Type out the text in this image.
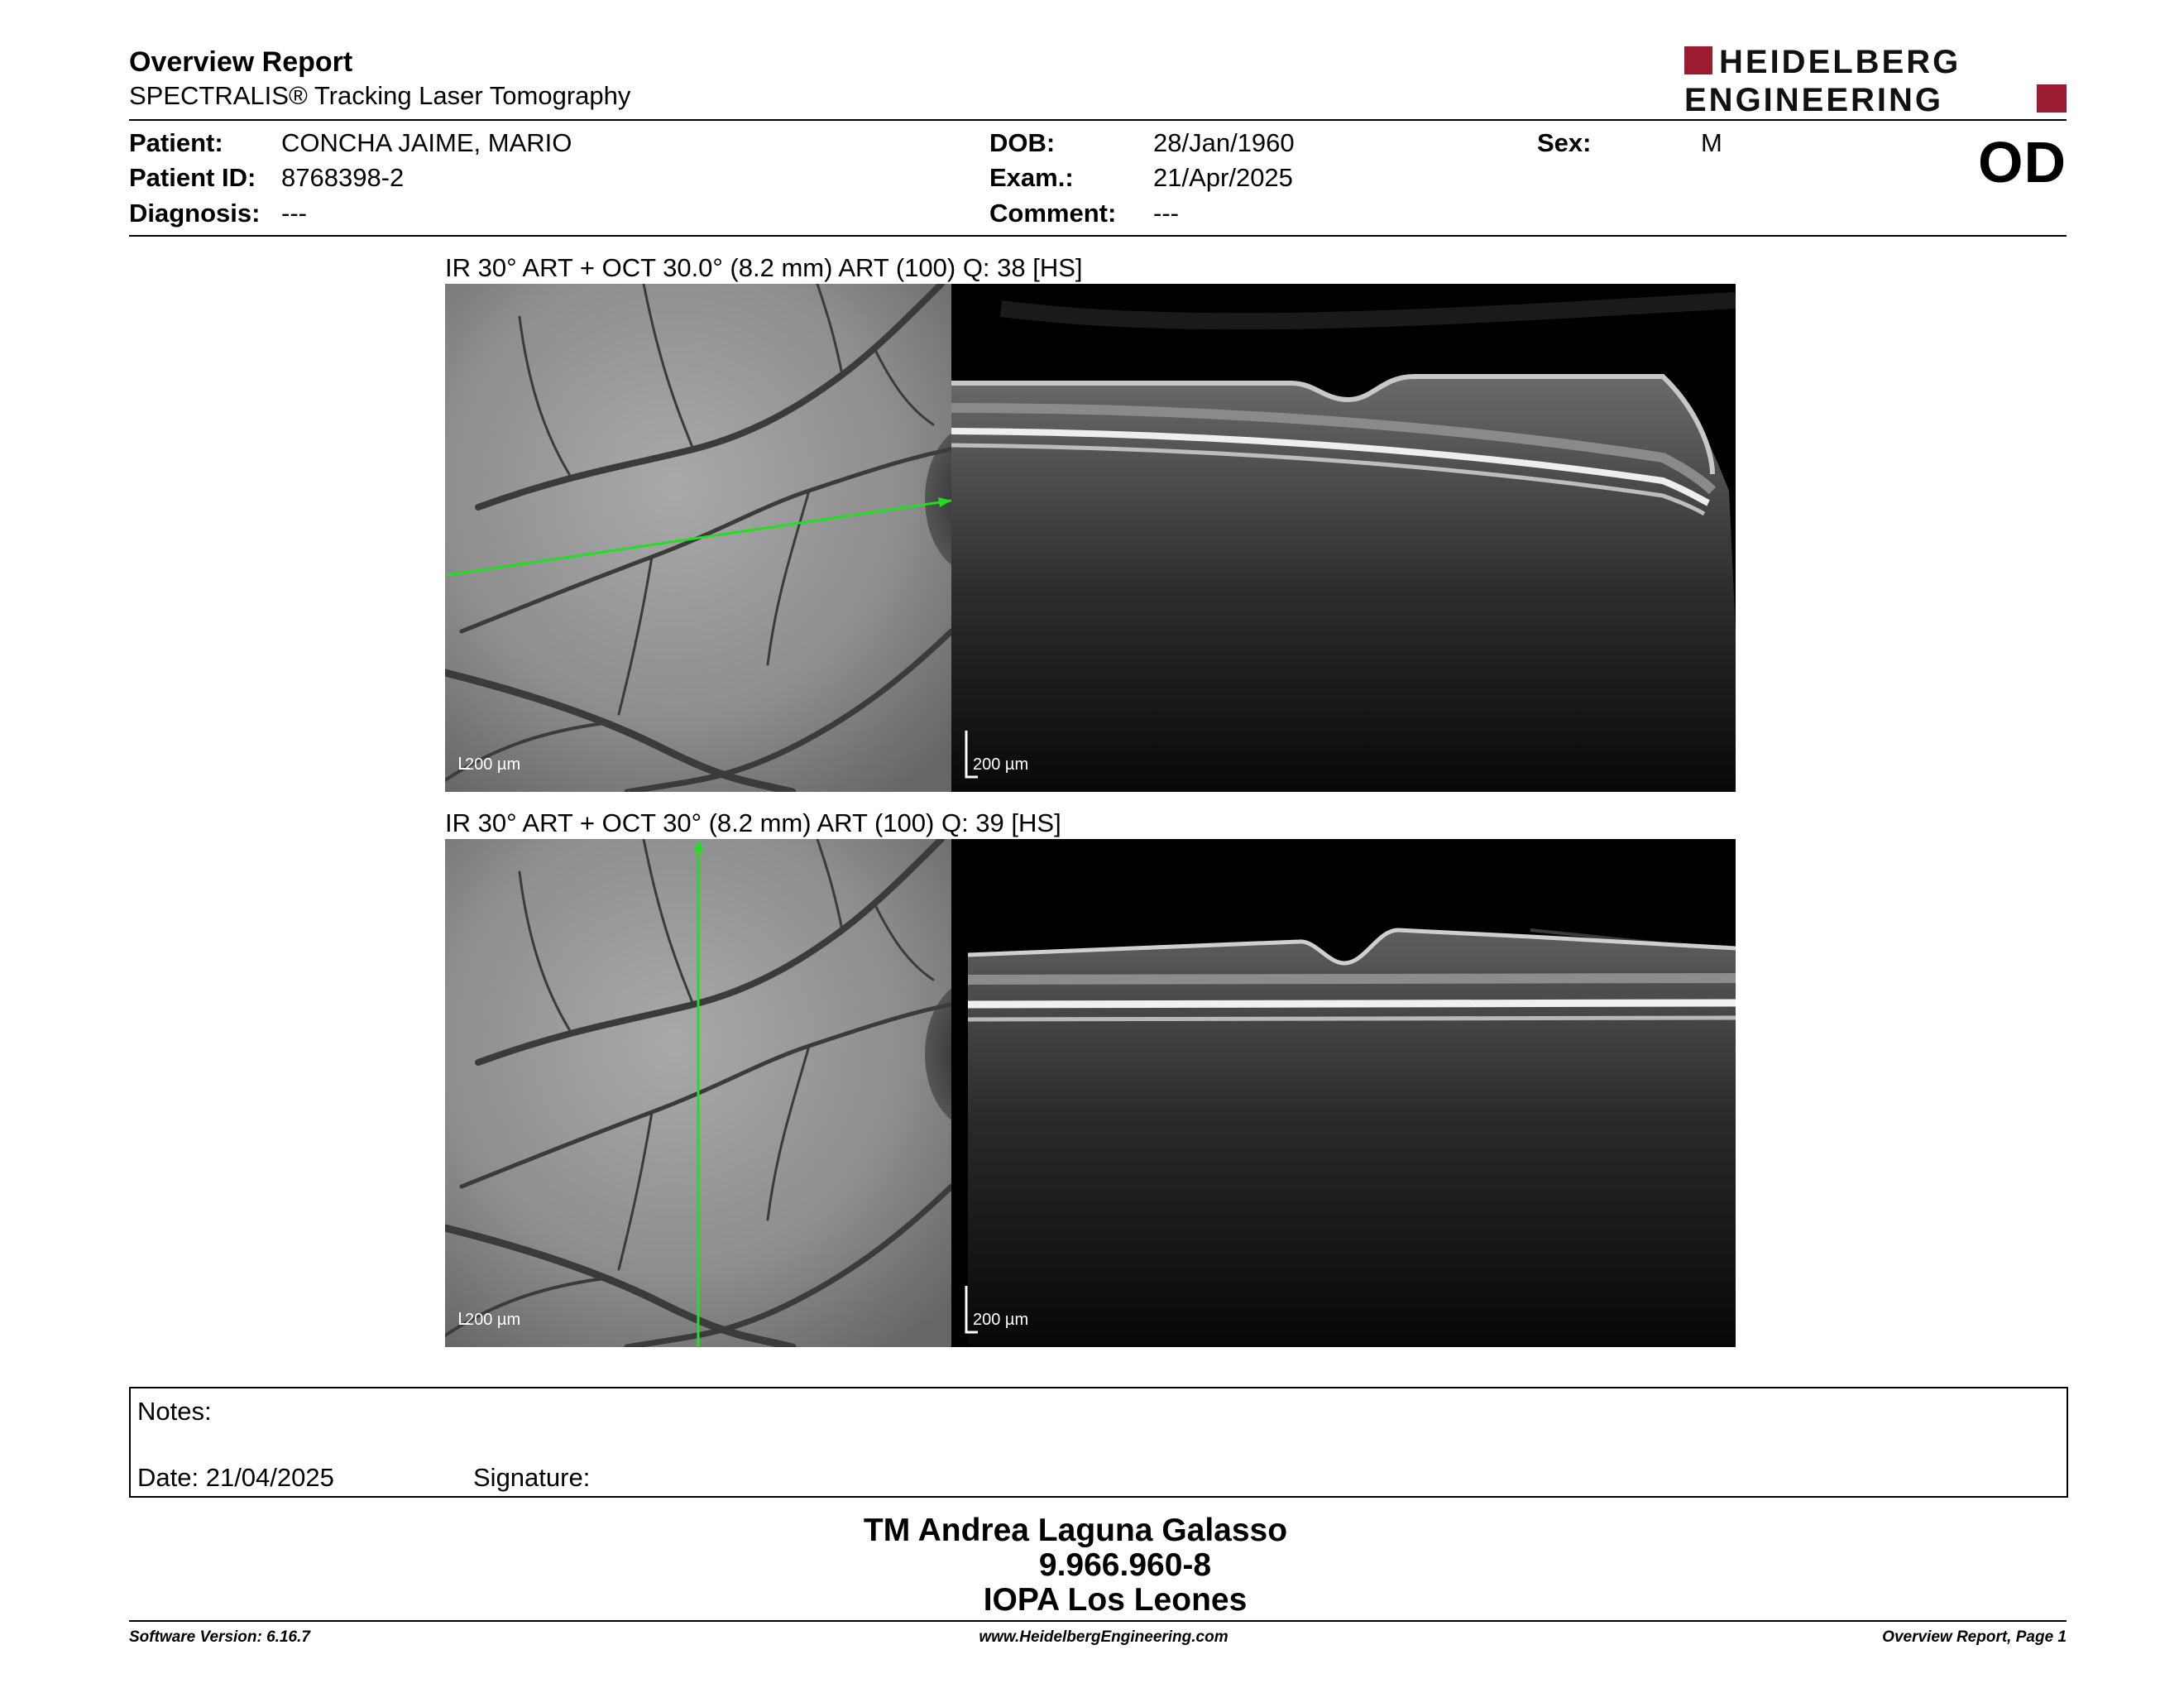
Overview Report
SPECTRALIS® Tracking Laser Tomography
HEIDELBERG
ENGINEERING
Patient: CONCHA JAIME, MARIO
Patient ID: 8768398-2
Diagnosis: ---
DOB:	28/Jan/1960
Exam.:	21/Apr/2025
Comment: ---
Sex:	M	OD
IR 30° ART + OCT 30.0° (8.2 mm) ART (100) Q: 38 [HS]
200 µm	200 µm
IR 30° ART + OCT 30° (8.2 mm) ART (100) Q: 39 [HS]
200 µm	200 µm
Notes:
Date: 21/04/2025	Signature:
TM Andrea Laguna Galasso
9.966.960-8
IOPA Los Leones
Software Version: 6.16.7	www.HeidelbergEngineering.com	Overview Report, Page 1
